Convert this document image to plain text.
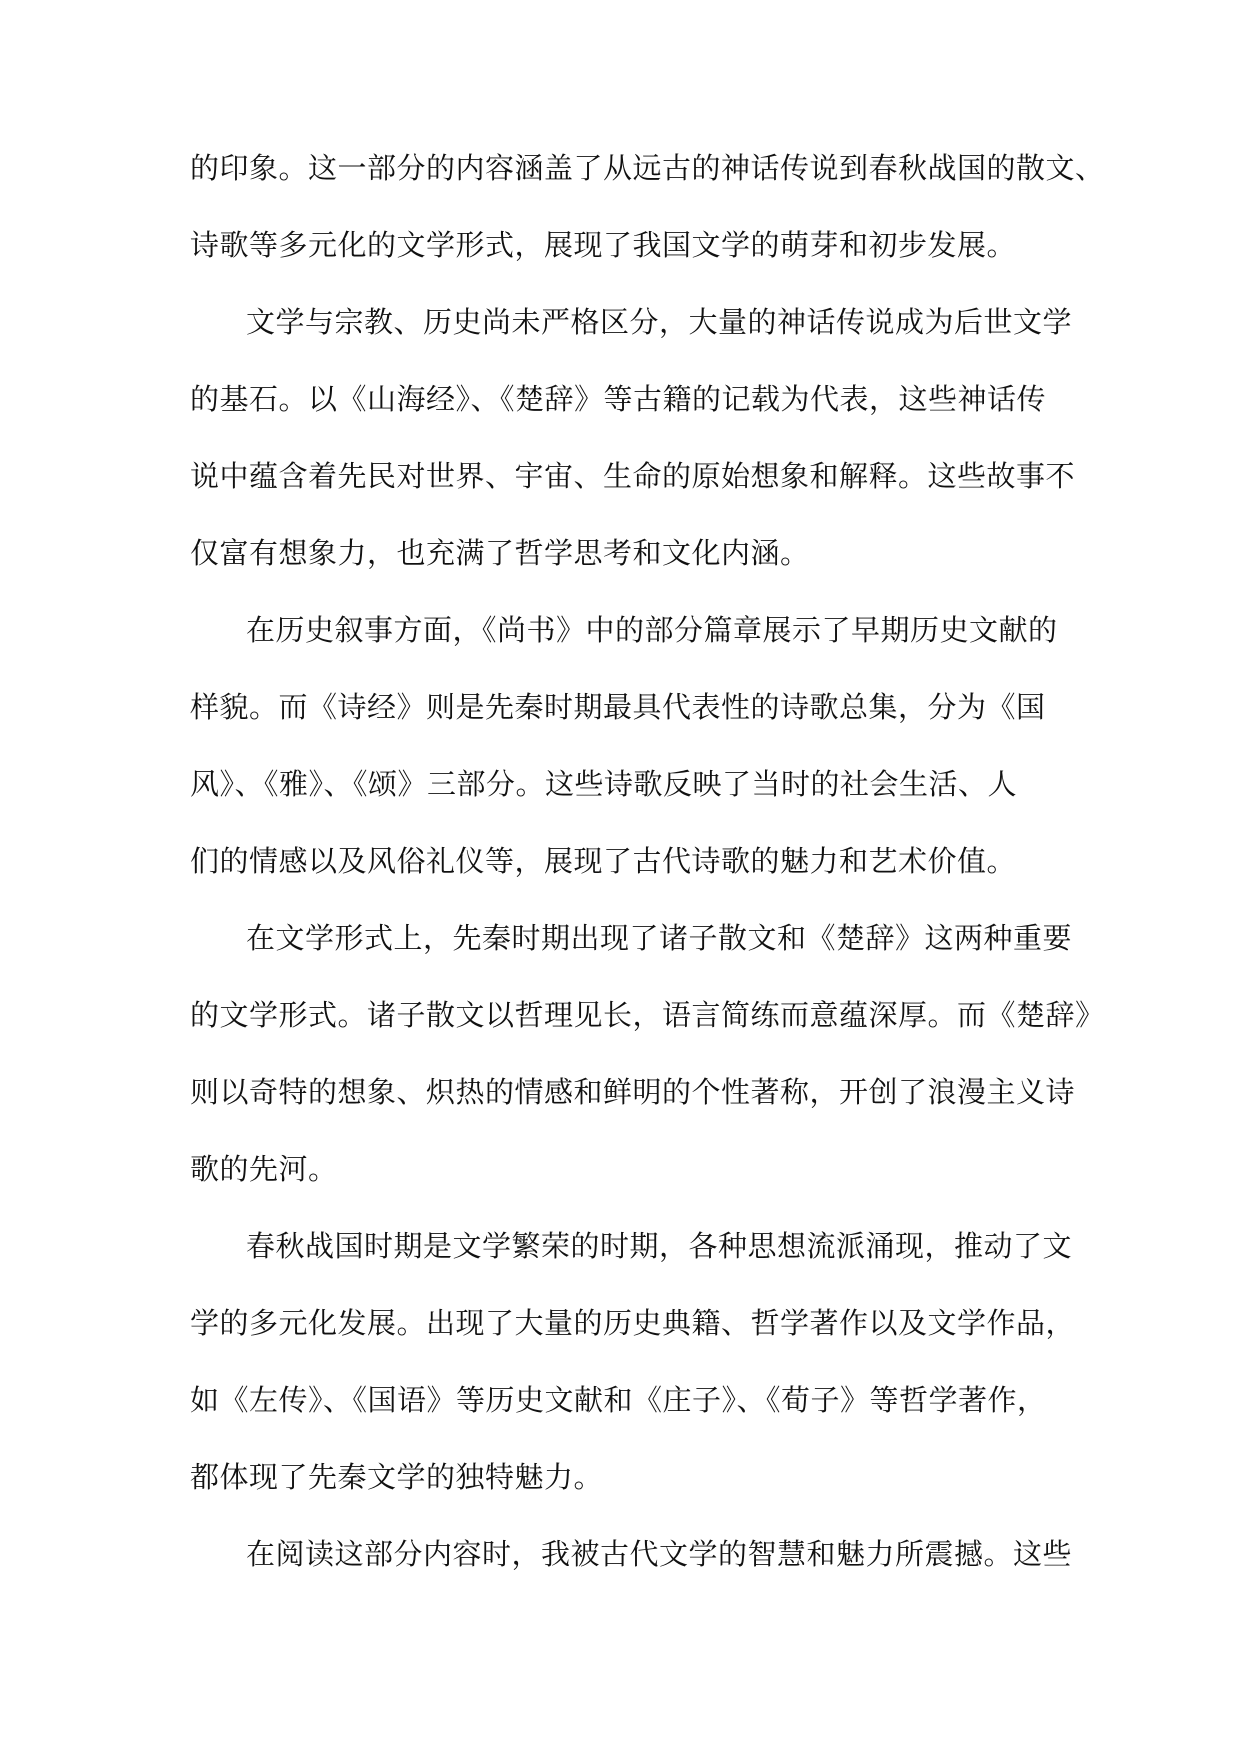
的印象。这一部分的内容涵盖了从远古的神话传说到春秋战国的散文、
诗歌等多元化的文学形式，展现了我国文学的萌芽和初步发展。
文学与宗教、历史尚未严格区分，大量的神话传说成为后世文学
的基石。以《山海经》、《楚辞》等古籍的记载为代表，这些神话传
说中蕴含着先民对世界、宇宙、生命的原始想象和解释。这些故事不
仅富有想象力，也充满了哲学思考和文化内涵。
在历史叙事方面，《尚书》中的部分篇章展示了早期历史文献的
样貌。而《诗经》则是先秦时期最具代表性的诗歌总集，分为《国
风》、《雅》、《颂》三部分。这些诗歌反映了当时的社会生活、人
们的情感以及风俗礼仪等，展现了古代诗歌的魅力和艺术价值。
在文学形式上，先秦时期出现了诸子散文和《楚辞》这两种重要
的文学形式。诸子散文以哲理见长，语言简练而意蕴深厚。而《楚辞》
则以奇特的想象、炽热的情感和鲜明的个性著称，开创了浪漫主义诗
歌的先河。
春秋战国时期是文学繁荣的时期，各种思想流派涌现，推动了文
学的多元化发展。出现了大量的历史典籍、哲学著作以及文学作品，
如《左传》、《国语》等历史文献和《庄子》、《荀子》等哲学著作，
都体现了先秦文学的独特魅力。
在阅读这部分内容时，我被古代文学的智慧和魅力所震撼。这些
